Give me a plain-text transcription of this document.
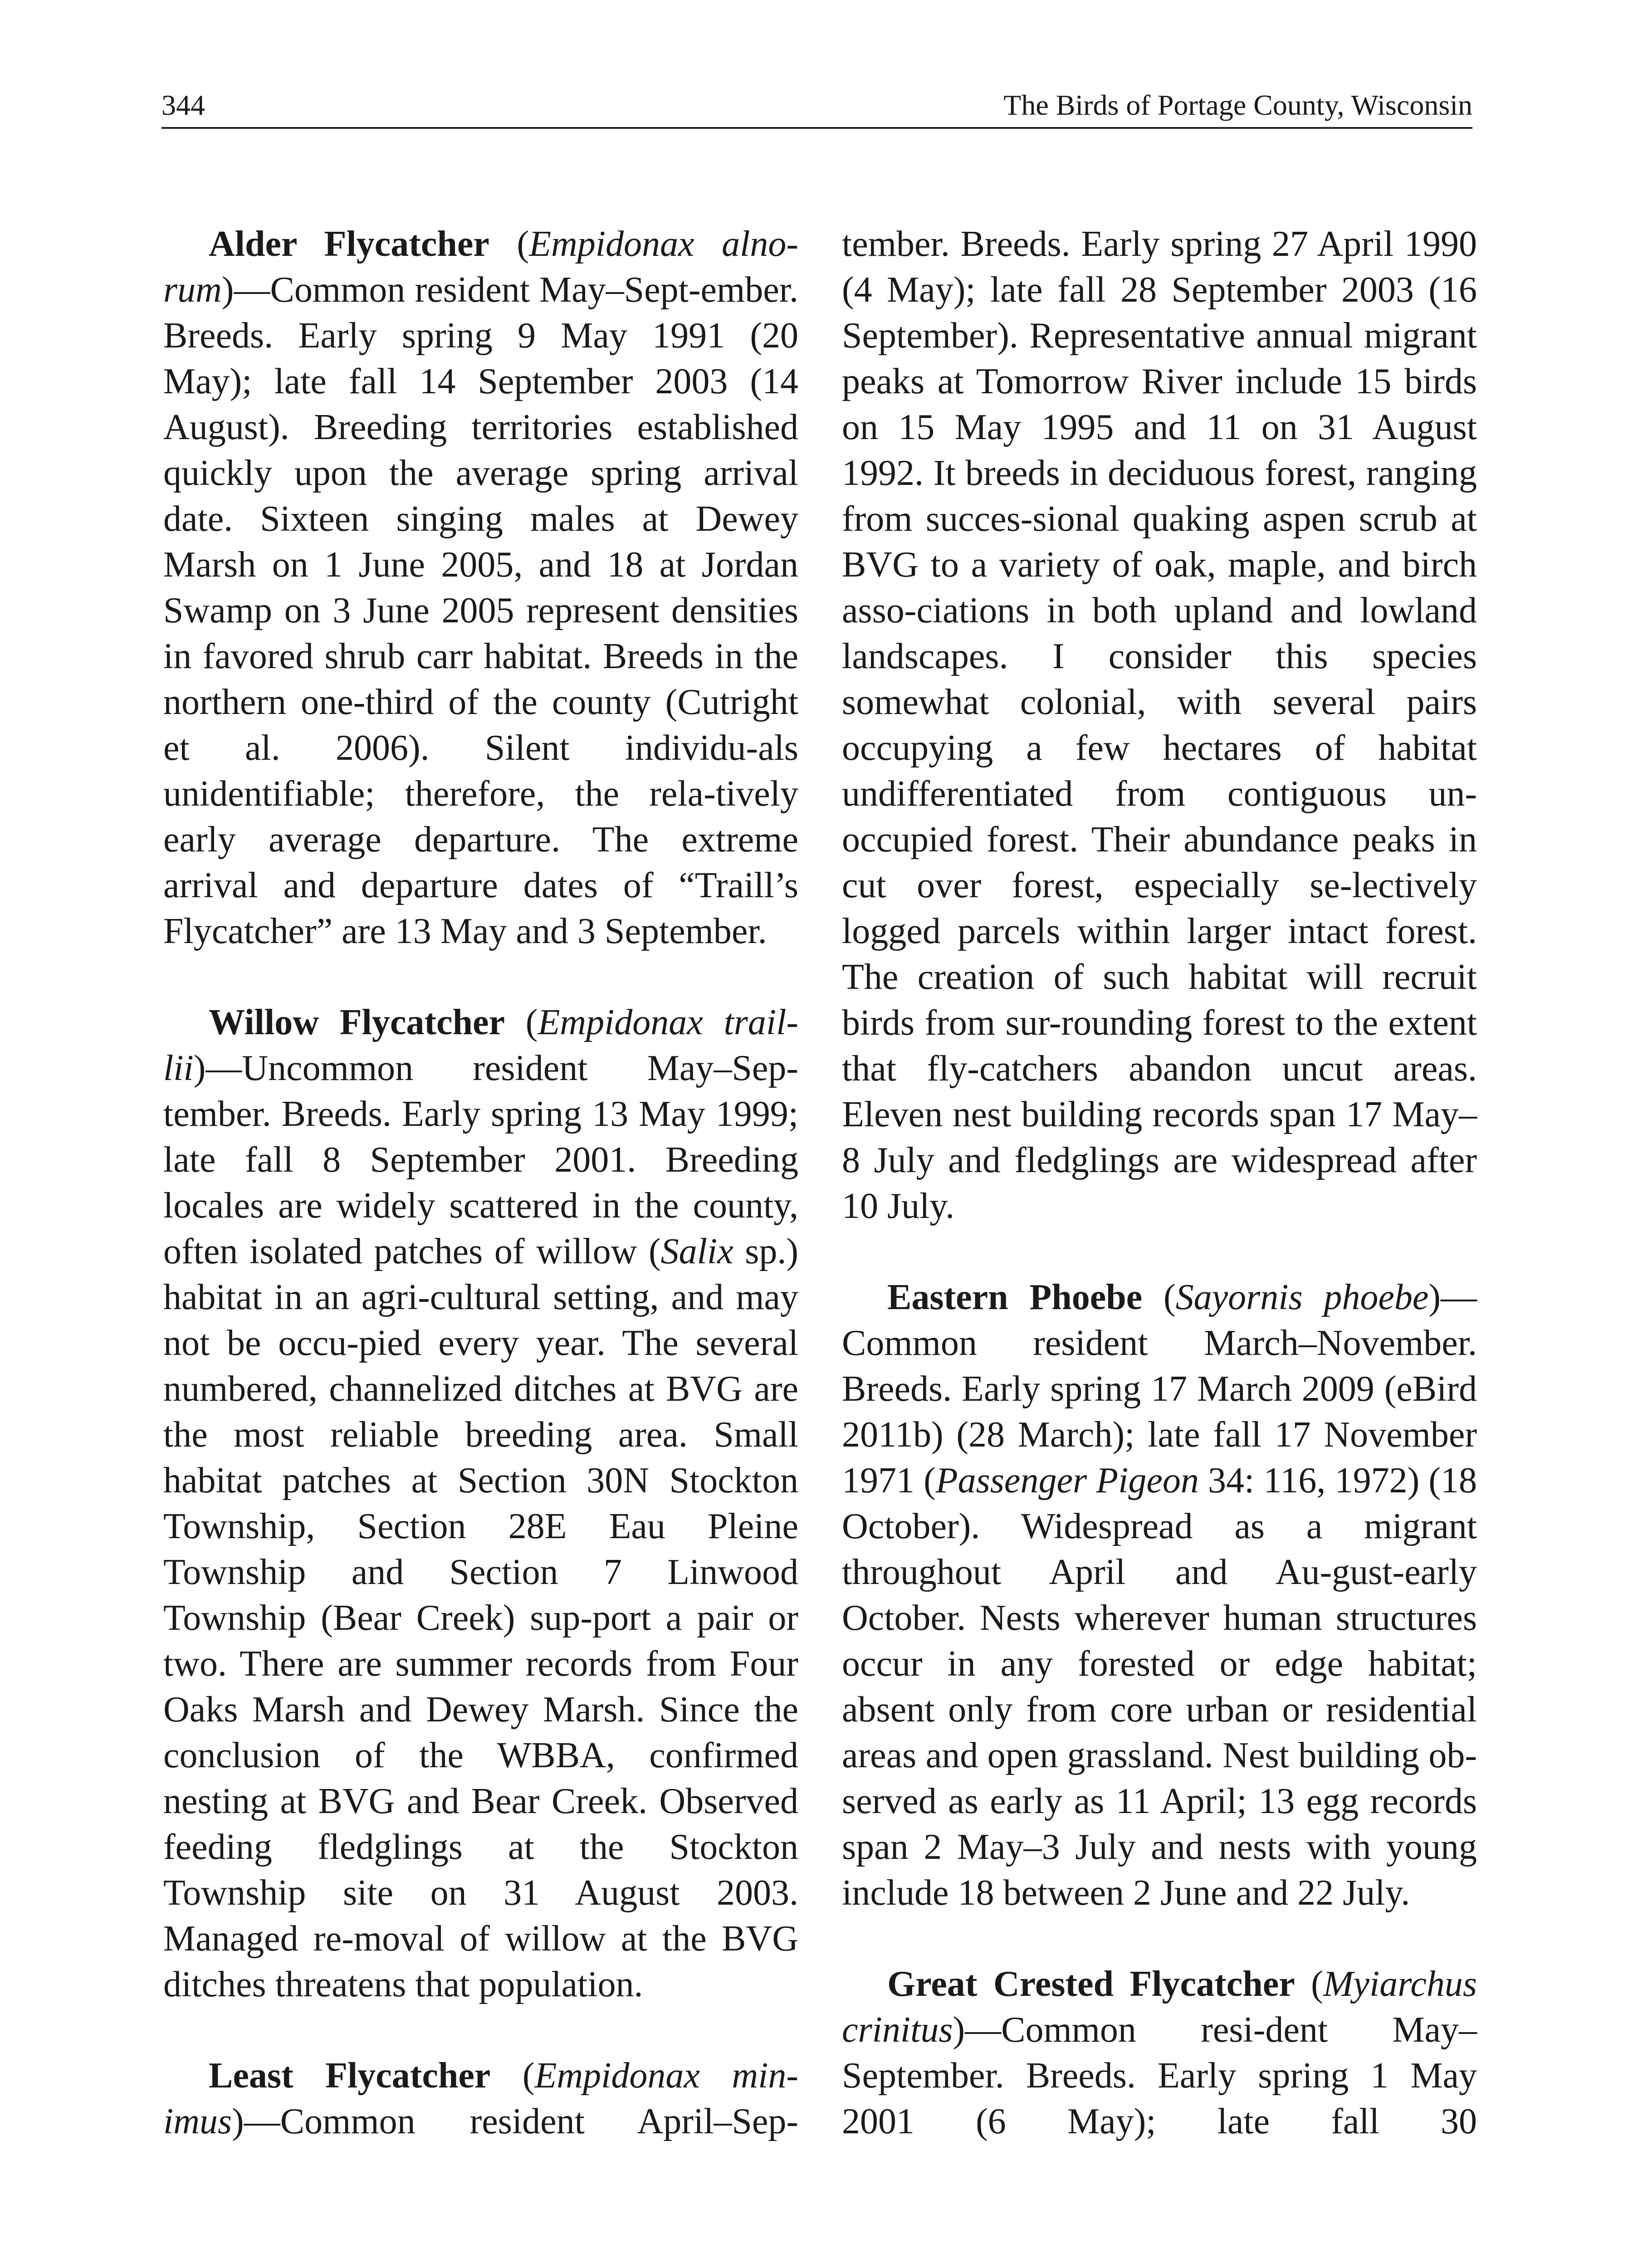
344	The Birds of Portage County, Wisconsin

Alder Flycatcher (Empidonax alno-rum)—Common resident May–Sept-ember. Breeds. Early spring 9 May 1991 (20 May); late fall 14 September 2003 (14 August). Breeding territories established quickly upon the average spring arrival date. Sixteen singing males at Dewey Marsh on 1 June 2005, and 18 at Jordan Swamp on 3 June 2005 represent densities in favored shrub carr habitat. Breeds in the northern one-third of the county (Cutright et al. 2006). Silent individu-als unidentifiable; therefore, the rela-tively early average departure. The extreme arrival and departure dates of “Traill’s Flycatcher” are 13 May and 3 September.

Willow Flycatcher (Empidonax trail-lii)—Uncommon resident May–Sep-tember. Breeds. Early spring 13 May 1999; late fall 8 September 2001. Breeding locales are widely scattered in the county, often isolated patches of willow (Salix sp.) habitat in an agri-cultural setting, and may not be occu-pied every year. The several numbered, channelized ditches at BVG are the most reliable breeding area. Small habitat patches at Section 30N Stockton Township, Section 28E Eau Pleine Township and Section 7 Linwood Township (Bear Creek) sup-port a pair or two. There are summer records from Four Oaks Marsh and Dewey Marsh. Since the conclusion of the WBBA, confirmed nesting at BVG and Bear Creek. Observed feeding fledglings at the Stockton Township site on 31 August 2003. Managed re-moval of willow at the BVG ditches threatens that population.

Least Flycatcher (Empidonax min-imus)—Common resident April–Sep-

tember. Breeds. Early spring 27 April 1990 (4 May); late fall 28 September 2003 (16 September). Representative annual migrant peaks at Tomorrow River include 15 birds on 15 May 1995 and 11 on 31 August 1992. It breeds in deciduous forest, ranging from succes-sional quaking aspen scrub at BVG to a variety of oak, maple, and birch asso-ciations in both upland and lowland landscapes. I consider this species somewhat colonial, with several pairs occupying a few hectares of habitat undifferentiated from contiguous un-occupied forest. Their abundance peaks in cut over forest, especially se-lectively logged parcels within larger intact forest. The creation of such habitat will recruit birds from sur-rounding forest to the extent that fly-catchers abandon uncut areas. Eleven nest building records span 17 May–8 July and fledglings are widespread after 10 July.

Eastern Phoebe (Sayornis phoebe)—Common resident March–November. Breeds. Early spring 17 March 2009 (eBird 2011b) (28 March); late fall 17 November 1971 (Passenger Pigeon 34: 116, 1972) (18 October). Widespread as a migrant throughout April and Au-gust-early October. Nests wherever human structures occur in any forested or edge habitat; absent only from core urban or residential areas and open grassland. Nest building ob-served as early as 11 April; 13 egg records span 2 May–3 July and nests with young include 18 between 2 June and 22 July.

Great Crested Flycatcher (Myiarchus crinitus)—Common resi-dent May–September. Breeds. Early spring 1 May 2001 (6 May); late fall 30
